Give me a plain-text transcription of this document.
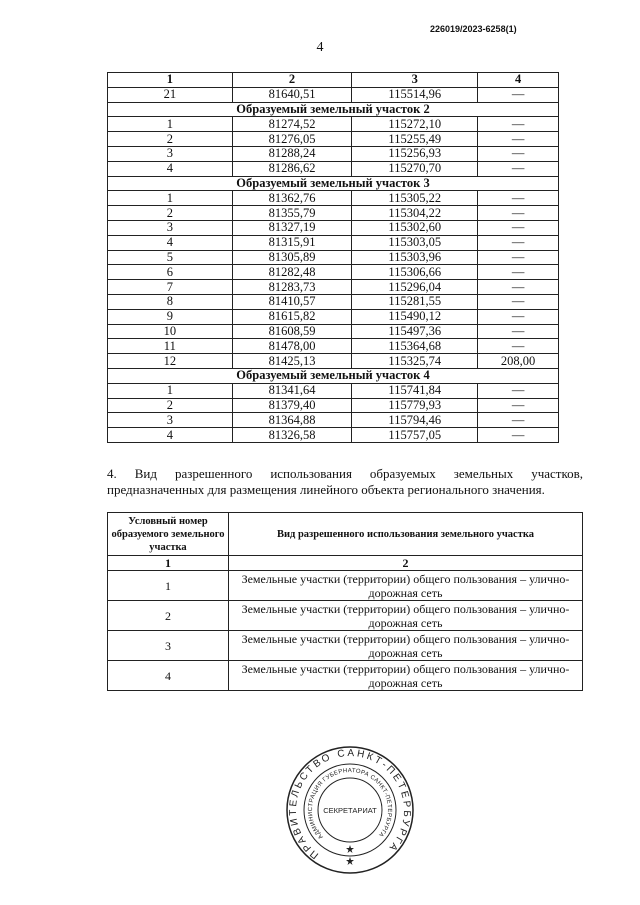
226019/2023-6258(1)
4
1	2	3	4
21	81640,51	115514,96	—
Образуемый земельный участок 2			
1	81274,52	115272,10	—
2	81276,05	115255,49	—
3	81288,24	115256,93	—
4	81286,62	115270,70	—
Образуемый земельный участок 3			
1	81362,76	115305,22	—
2	81355,79	115304,22	—
3	81327,19	115302,60	—
4	81315,91	115303,05	—
5	81305,89	115303,96	—
6	81282,48	115306,66	—
7	81283,73	115296,04	—
8	81410,57	115281,55	—
9	81615,82	115490,12	—
10	81608,59	115497,36	—
11	81478,00	115364,68	—
12	81425,13	115325,74	208,00
Образуемый земельный участок 4			
1	81341,64	115741,84	—
2	81379,40	115779,93	—
3	81364,88	115794,46	—
4	81326,58	115757,05	—
4. Вид разрешенного использования образуемых земельных участков,
предназначенных для размещения линейного объекта регионального значения.
Условный номер образуемого земельного участка	Вид разрешенного использования земельного участка
1	2
1	Земельные участки (территории) общего пользования – улично-дорожная сеть
2	Земельные участки (территории) общего пользования – улично-дорожная сеть
3	Земельные участки (территории) общего пользования – улично-дорожная сеть
4	Земельные участки (территории) общего пользования – улично-дорожная сеть
ПРАВИТЕЛЬСТВО САНКТ-ПЕТЕРБУРГА
АДМИНИСТРАЦИЯ ГУБЕРНАТОРА САНКТ-ПЕТЕРБУРГА
СЕКРЕТАРИАТ
